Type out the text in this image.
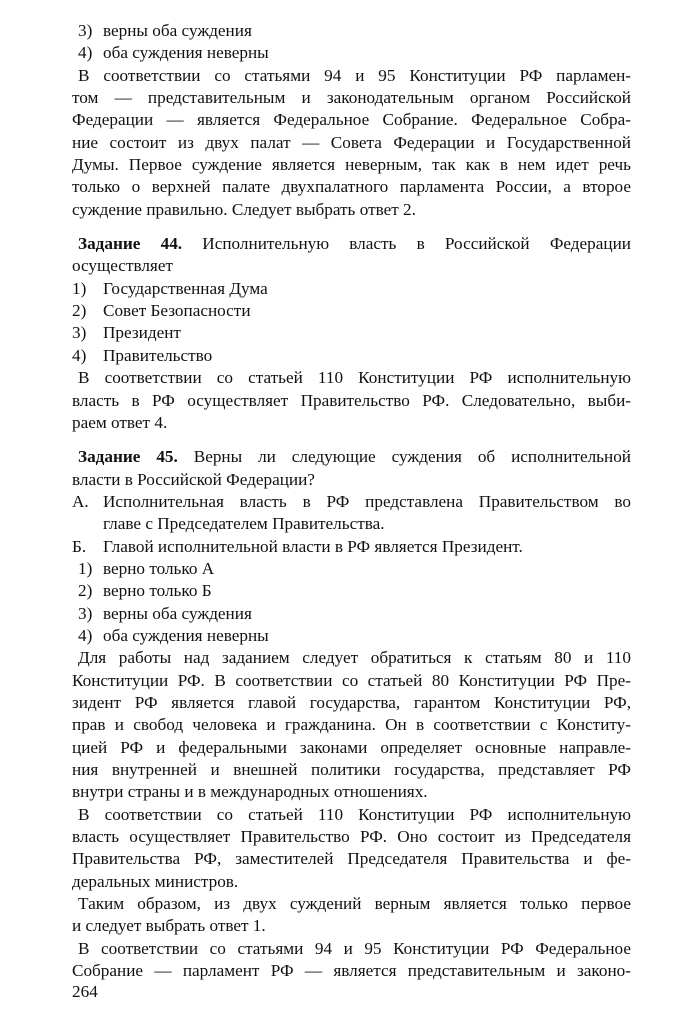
3) верны оба суждения
4) оба суждения неверны
В соответствии со статьями 94 и 95 Конституции РФ парламен-
том — представительным и законодательным органом Российской
Федерации — является Федеральное Собрание. Федеральное Собра-
ние состоит из двух палат — Совета Федерации и Государственной
Думы. Первое суждение является неверным, так как в нем идет речь
только о верхней палате двухпалатного парламента России, а второе
суждение правильно. Следует выбрать ответ 2.
Задание 44. Исполнительную власть в Российской Федерации
осуществляет
1) Государственная Дума
2) Совет Безопасности
3) Президент
4) Правительство
В соответствии со статьей 110 Конституции РФ исполнительную
власть в РФ осуществляет Правительство РФ. Следовательно, выби-
раем ответ 4.
Задание 45. Верны ли следующие суждения об исполнительной
власти в Российской Федерации?
А. Исполнительная власть в РФ представлена Правительством во
главе с Председателем Правительства.
Б. Главой исполнительной власти в РФ является Президент.
1) верно только А
2) верно только Б
3) верны оба суждения
4) оба суждения неверны
Для работы над заданием следует обратиться к статьям 80 и 110
Конституции РФ. В соответствии со статьей 80 Конституции РФ Пре-
зидент РФ является главой государства, гарантом Конституции РФ,
прав и свобод человека и гражданина. Он в соответствии с Конститу-
цией РФ и федеральными законами определяет основные направле-
ния внутренней и внешней политики государства, представляет РФ
внутри страны и в международных отношениях.
В соответствии со статьей 110 Конституции РФ исполнительную
власть осуществляет Правительство РФ. Оно состоит из Председателя
Правительства РФ, заместителей Председателя Правительства и фе-
деральных министров.
Таким образом, из двух суждений верным является только первое
и следует выбрать ответ 1.
В соответствии со статьями 94 и 95 Конституции РФ Федеральное
Собрание — парламент РФ — является представительным и законо-
264
